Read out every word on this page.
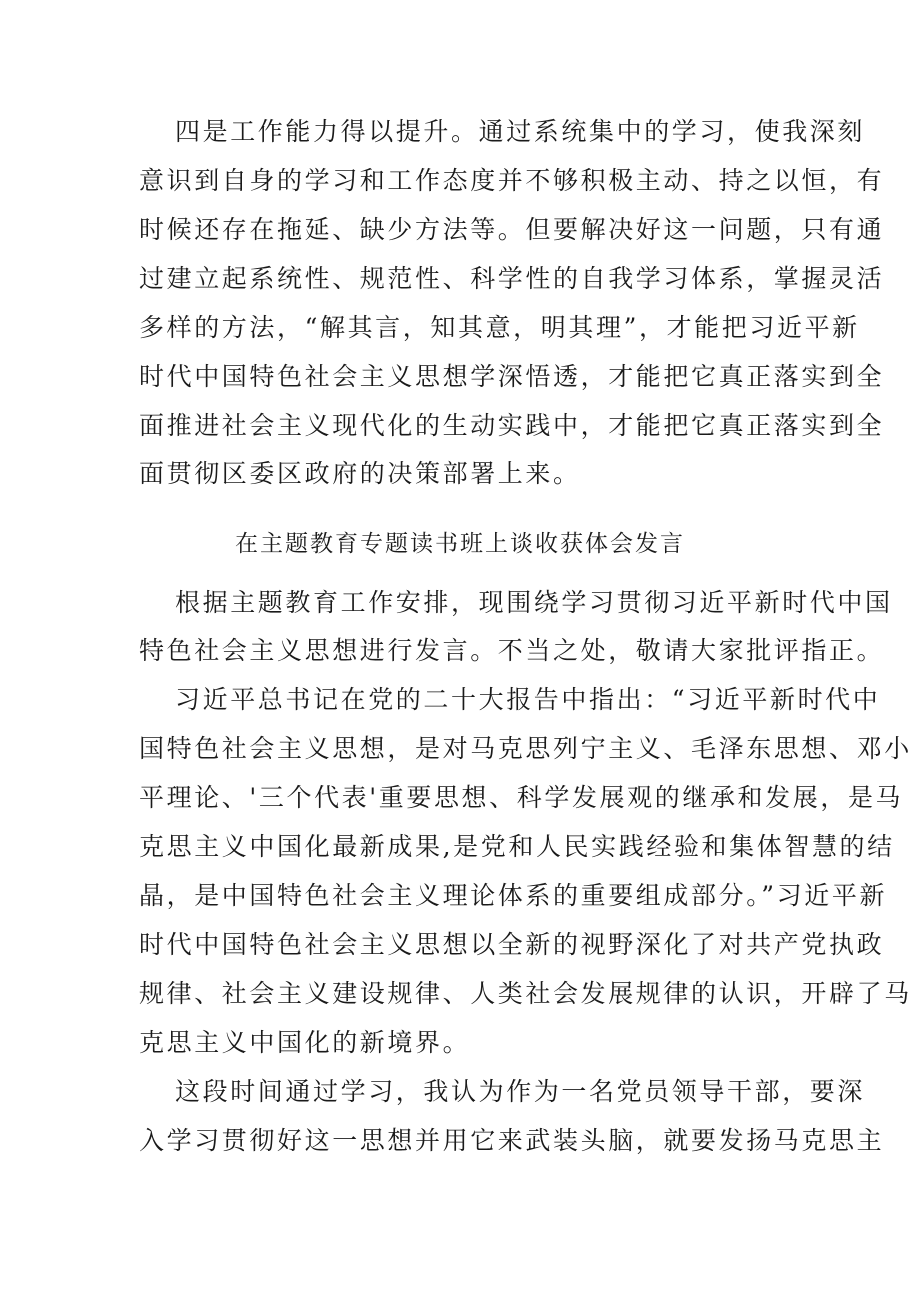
四是工作能力得以提升。通过系统集中的学习，使我深刻
意识到自身的学习和工作态度并不够积极主动、持之以恒，有
时候还存在拖延、缺少方法等。但要解决好这一问题，只有通
过建立起系统性、规范性、科学性的自我学习体系，掌握灵活
多样的方法，“解其言，知其意，明其理”，才能把习近平新
时代中国特色社会主义思想学深悟透，才能把它真正落实到全
面推进社会主义现代化的生动实践中，才能把它真正落实到全
面贯彻区委区政府的决策部署上来。
在主题教育专题读书班上谈收获体会发言
根据主题教育工作安排，现围绕学习贯彻习近平新时代中国
特色社会主义思想进行发言。不当之处，敬请大家批评指正。
习近平总书记在党的二十大报告中指出：“习近平新时代中
国特色社会主义思想，是对马克思列宁主义、毛泽东思想、邓小
平理论、'三个代表'重要思想、科学发展观的继承和发展，是马
克思主义中国化最新成果,是党和人民实践经验和集体智慧的结
晶，是中国特色社会主义理论体系的重要组成部分。”习近平新
时代中国特色社会主义思想以全新的视野深化了对共产党执政
规律、社会主义建设规律、人类社会发展规律的认识，开辟了马
克思主义中国化的新境界。
这段时间通过学习，我认为作为一名党员领导干部，要深
入学习贯彻好这一思想并用它来武装头脑，就要发扬马克思主
